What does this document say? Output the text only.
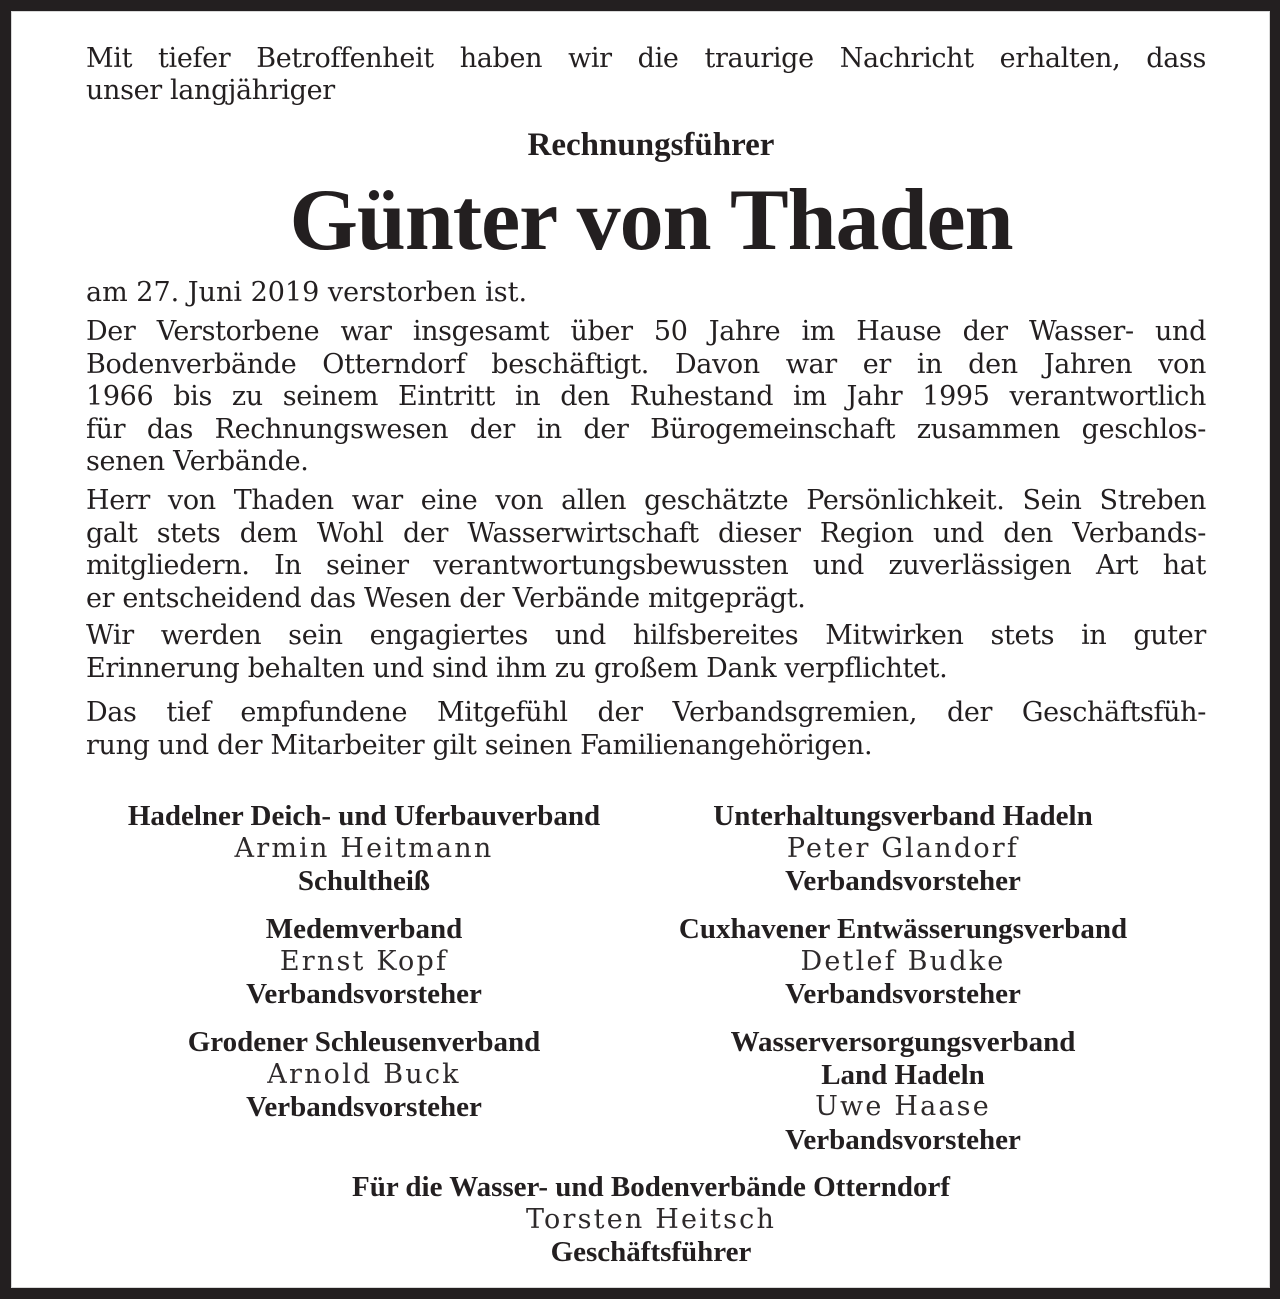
Mit tiefer Betroffenheit haben wir die traurige Nachricht erhalten, dass
unser langjähriger
Rechnungsführer
Günter von Thaden
am 27. Juni 2019 verstorben ist.
Der Verstorbene war insgesamt über 50 Jahre im Hause der Wasser- und
Bodenverbände Otterndorf beschäftigt. Davon war er in den Jahren von
1966 bis zu seinem Eintritt in den Ruhestand im Jahr 1995 verantwortlich
für das Rechnungswesen der in der Bürogemeinschaft zusammen geschlos-
senen Verbände.
Herr von Thaden war eine von allen geschätzte Persönlichkeit. Sein Streben
galt stets dem Wohl der Wasserwirtschaft dieser Region und den Verbands-
mitgliedern. In seiner verantwortungsbewussten und zuverlässigen Art hat
er entscheidend das Wesen der Verbände mitgeprägt.
Wir werden sein engagiertes und hilfsbereites Mitwirken stets in guter
Erinnerung behalten und sind ihm zu großem Dank verpflichtet.
Das tief empfundene Mitgefühl der Verbandsgremien, der Geschäftsfüh-
rung und der Mitarbeiter gilt seinen Familienangehörigen.
Hadelner Deich- und Uferbauverband
Armin Heitmann
Schultheiß
Unterhaltungsverband Hadeln
Peter Glandorf
Verbandsvorsteher
Medemverband
Ernst Kopf
Verbandsvorsteher
Cuxhavener Entwässerungsverband
Detlef Budke
Verbandsvorsteher
Grodener Schleusenverband
Arnold Buck
Verbandsvorsteher
Wasserversorgungsverband
Land Hadeln
Uwe Haase
Verbandsvorsteher
Für die Wasser- und Bodenverbände Otterndorf
Torsten Heitsch
Geschäftsführer
